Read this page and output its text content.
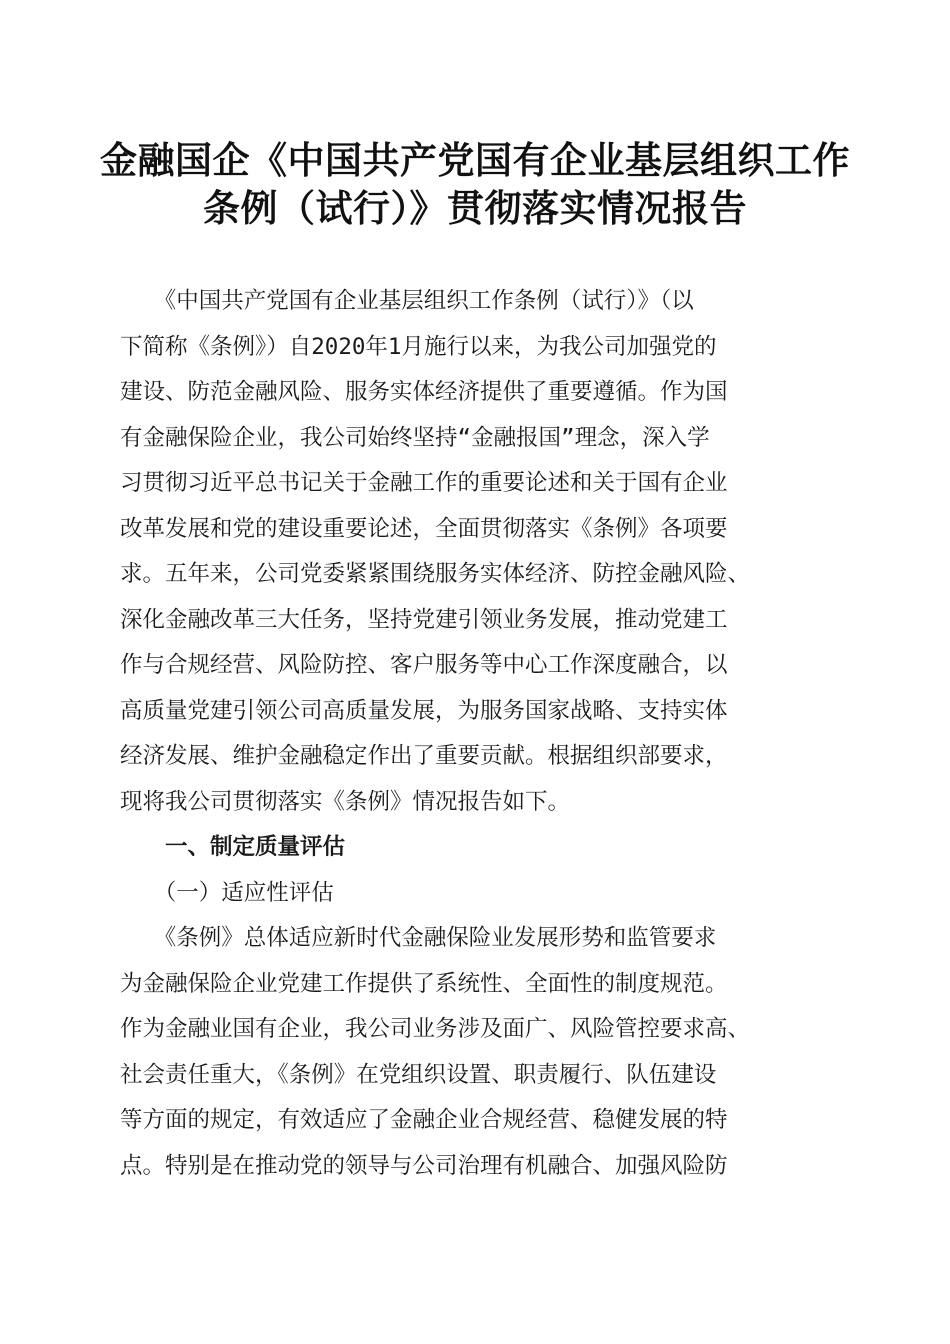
金融国企《中国共产党国有企业基层组织工作
条例（试行）》贯彻落实情况报告
　　《中国共产党国有企业基层组织工作条例（试行）》（以
下简称《条例》）自2020年1月施行以来，为我公司加强党的
建设、防范金融风险、服务实体经济提供了重要遵循。作为国
有金融保险企业，我公司始终坚持“金融报国”理念，深入学
习贯彻习近平总书记关于金融工作的重要论述和关于国有企业
改革发展和党的建设重要论述，全面贯彻落实《条例》各项要
求。五年来，公司党委紧紧围绕服务实体经济、防控金融风险、
深化金融改革三大任务，坚持党建引领业务发展，推动党建工
作与合规经营、风险防控、客户服务等中心工作深度融合，以
高质量党建引领公司高质量发展，为服务国家战略、支持实体
经济发展、维护金融稳定作出了重要贡献。根据组织部要求，
现将我公司贯彻落实《条例》情况报告如下。
　　一、制定质量评估
　　（一）适应性评估
　　《条例》总体适应新时代金融保险业发展形势和监管要求
为金融保险企业党建工作提供了系统性、全面性的制度规范。
作为金融业国有企业，我公司业务涉及面广、风险管控要求高、
社会责任重大，《条例》在党组织设置、职责履行、队伍建设
等方面的规定，有效适应了金融企业合规经营、稳健发展的特
点。特别是在推动党的领导与公司治理有机融合、加强风险防
